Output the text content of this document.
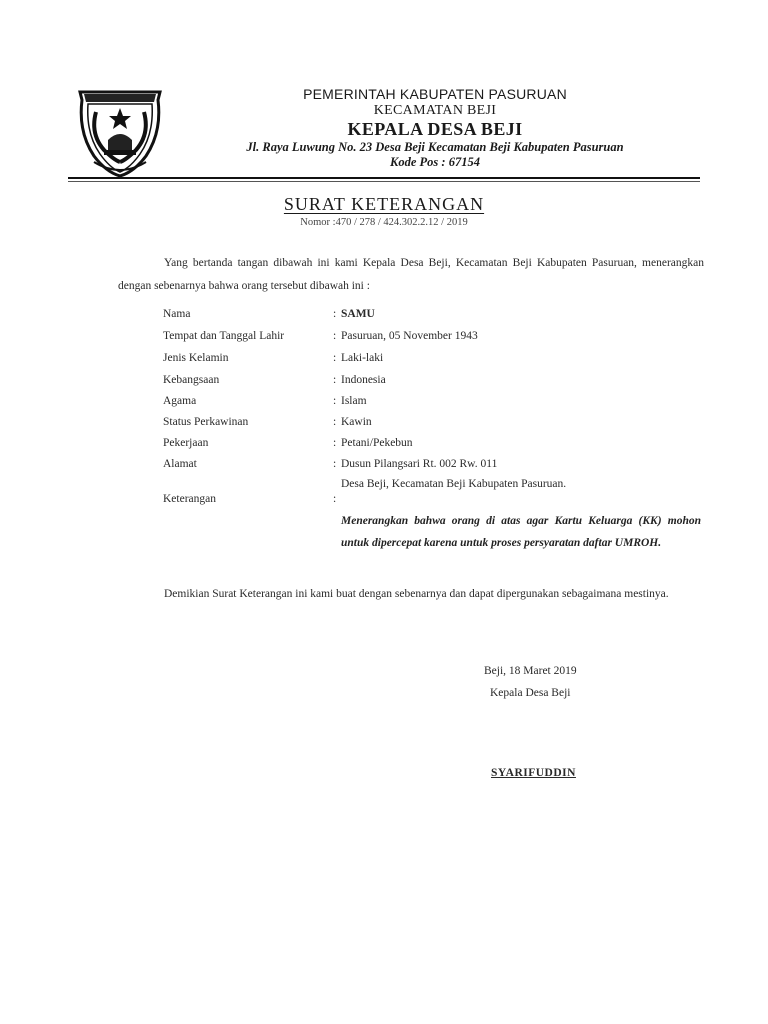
PEMERINTAH KABUPATEN PASURUAN
KECAMATAN BEJI
KEPALA DESA BEJI
Jl. Raya Luwung No. 23 Desa Beji Kecamatan Beji Kabupaten Pasuruan
Kode Pos : 67154
SURAT KETERANGAN
Nomor :470 / 278 / 424.302.2.12 / 2019
Yang bertanda tangan dibawah ini kami Kepala Desa Beji, Kecamatan Beji Kabupaten Pasuruan, menerangkan dengan sebenarnya bahwa orang tersebut dibawah ini :
Nama	: SAMU
Tempat dan Tanggal Lahir	: Pasuruan, 05 November 1943
Jenis Kelamin	: Laki-laki
Kebangsaan	: Indonesia
Agama	: Islam
Status Perkawinan	: Kawin
Pekerjaan	: Petani/Pekebun
Alamat	: Dusun Pilangsari Rt. 002 Rw. 011
Desa Beji, Kecamatan Beji Kabupaten Pasuruan.
Keterangan	:
Menerangkan bahwa orang di atas agar Kartu Keluarga (KK) mohon untuk dipercepat karena untuk proses persyaratan daftar UMROH.
Demikian Surat Keterangan ini kami buat dengan sebenarnya dan dapat dipergunakan sebagaimana mestinya.
Beji, 18 Maret 2019
Kepala Desa Beji
SYARIFUDDIN
